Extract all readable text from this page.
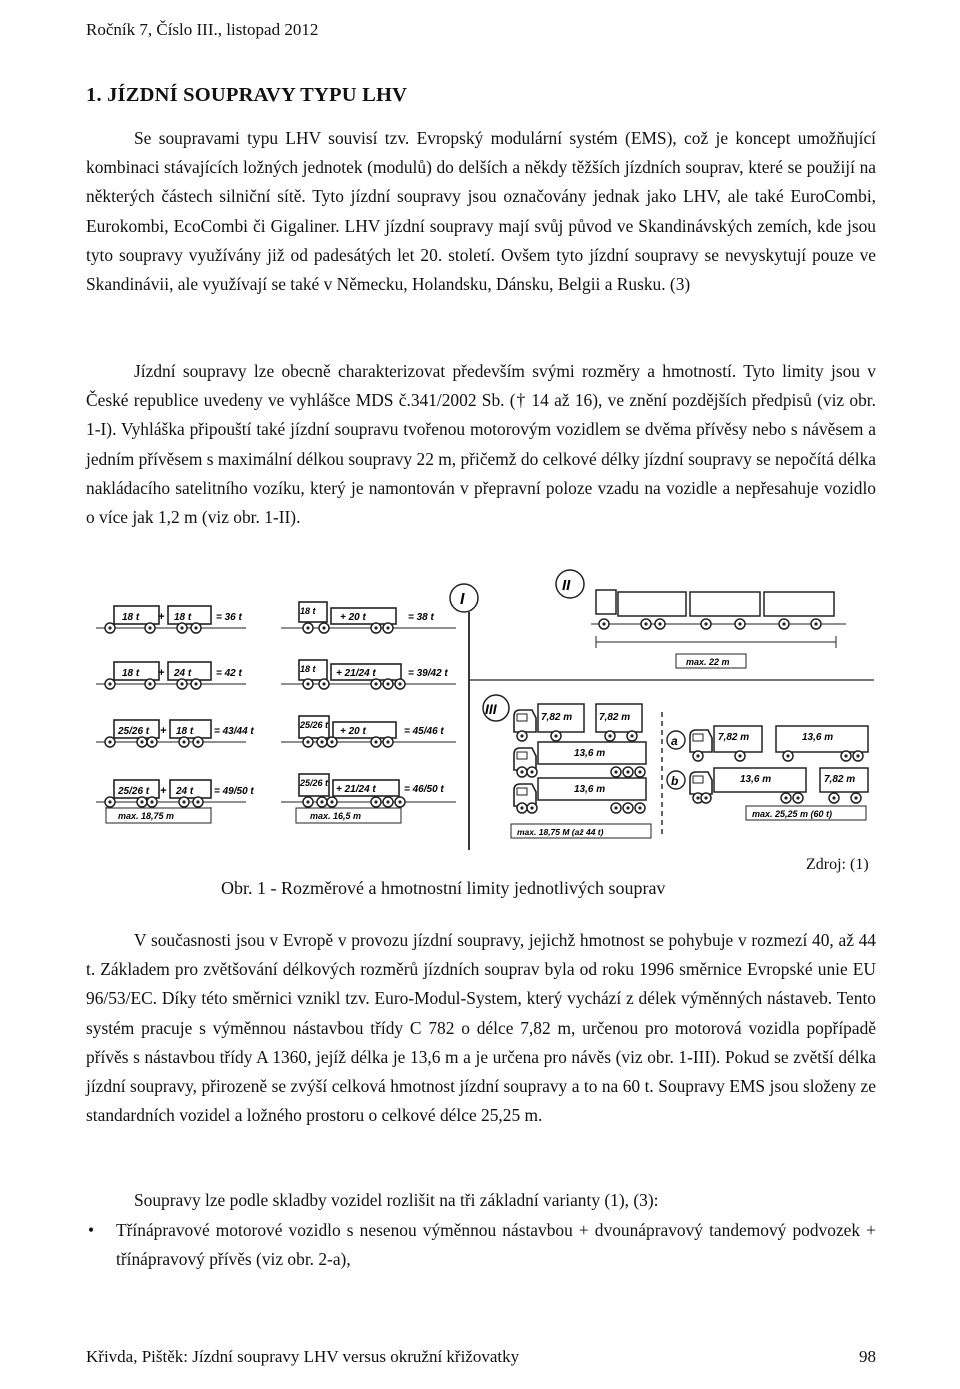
Ročník 7, Číslo III., listopad 2012
1. JÍZDNÍ SOUPRAVY TYPU LHV

Se soupravami typu LHV souvisí tzv. Evropský modulární systém (EMS), což je koncept umožňující kombinaci stávajících ložných jednotek (modulů) do delších a někdy těžších jízdních souprav, které se použijí na některých částech silniční sítě. Tyto jízdní soupravy jsou označovány jednak jako LHV, ale také EuroCombi, Eurokombi, EcoCombi či Gigaliner. LHV jízdní soupravy mají svůj původ ve Skandinávských zemích, kde jsou tyto soupravy využívány již od padesátých let 20. století. Ovšem tyto jízdní soupravy se nevyskytují pouze ve Skandinávii, ale využívají se také v Německu, Holandsku, Dánsku, Belgii a Rusku. (3)

Jízdní soupravy lze obecně charakterizovat především svými rozměry a hmotností. Tyto limity jsou v České republice uvedeny ve vyhlášce MDS č.341/2002 Sb. († 14 až 16), ve znění pozdějších předpisů (viz obr. 1-I). Vyhláška připouští také jízdní soupravu tvořenou motorovým vozidlem se dvěma přívěsy nebo s návěsem a jedním přívěsem s maximální délkou soupravy 22 m, přičemž do celkové délky jízdní soupravy se nepočítá délka nakládacího satelitního vozíku, který je namontován v přepravní poloze vzadu na vozidle a nepřesahuje vozidlo o více jak 1,2 m (viz obr. 1-II).

18 t + 18 t = 36 t
18 t + 24 t = 42 t
25/26 t + 18 t = 43/44 t
25/26 t + 24 t = 49/50 t
max. 18,75 m
18 t
+ 20 t	= 38 t
18 t + 21/24 t	= 39/42 t
25/26 t
+ 20 t	= 45/46 t
25/26 t
+ 21/24 t	= 46/50 t
max. 16,5 m
I
II
max. 22 m
III
7,82 m	7,82 m
13,6 m
13,6 m
max. 18,75 M (až 44 t)
a	7,82 m	13,6 m
b	13,6 m	7,82 m
max. 25,25 m (60 t)
Zdroj: (1)
Obr. 1 - Rozměrové a hmotnostní limity jednotlivých souprav

V současnosti jsou v Evropě v provozu jízdní soupravy, jejichž hmotnost se pohybuje v rozmezí 40, až 44 t. Základem pro zvětšování délkových rozměrů jízdních souprav byla od roku 1996 směrnice Evropské unie EU 96/53/EC. Díky této směrnici vznikl tzv. Euro-Modul-System, který vychází z délek výměnných nástaveb. Tento systém pracuje s výměnnou nástavbou třídy C 782 o délce 7,82 m, určenou pro motorová vozidla popřípadě přívěs s nástavbou třídy A 1360, jejíž délka je 13,6 m a je určena pro návěs (viz obr. 1-III). Pokud se zvětší délka jízdní soupravy, přirozeně se zvýší celková hmotnost jízdní soupravy a to na 60 t. Soupravy EMS jsou složeny ze standardních vozidel a ložného prostoru o celkové délce 25,25 m.

Soupravy lze podle skladby vozidel rozlišit na tři základní varianty (1), (3):

• Třínápravové motorové vozidlo s nesenou výměnnou nástavbou + dvounápravový tandemový podvozek + třínápravový přívěs (viz obr. 2-a),
Křivda, Pištěk: Jízdní soupravy LHV versus okružní křižovatky	98
